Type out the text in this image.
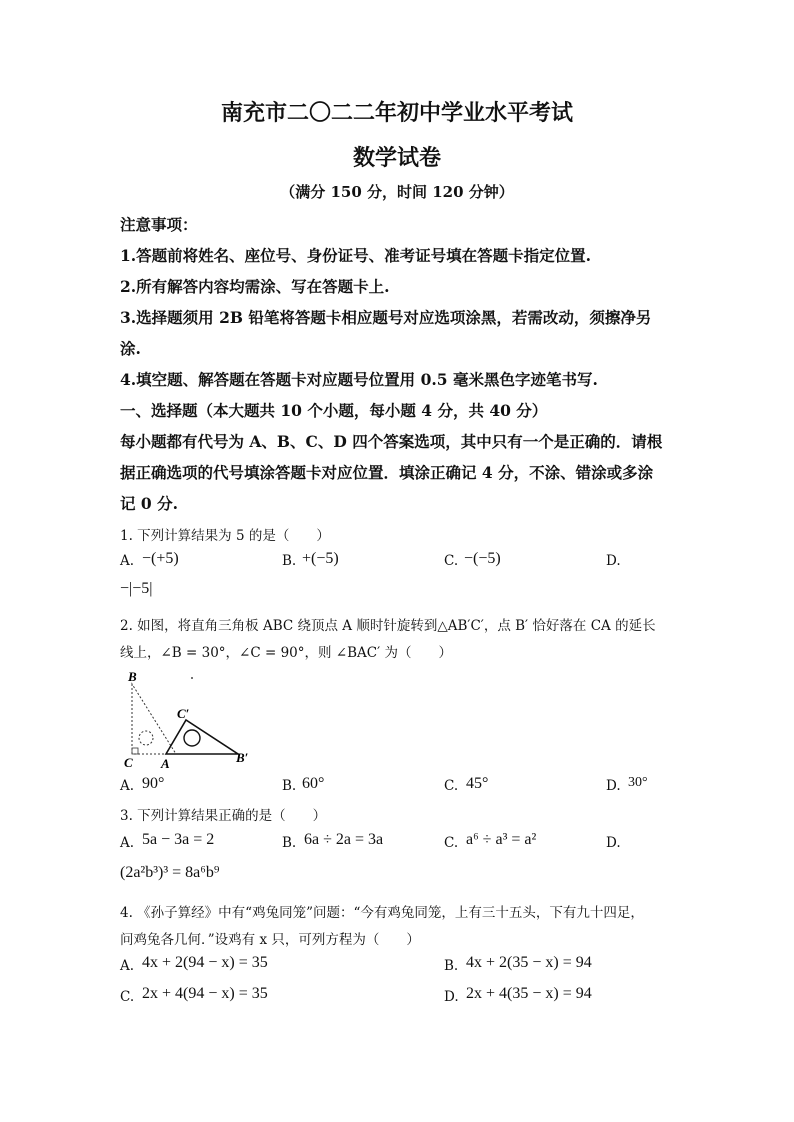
南充市二〇二二年初中学业水平考试
数学试卷
（满分 150 分，时间 120 分钟）
注意事项：
1.答题前将姓名、座位号、身份证号、准考证号填在答题卡指定位置.
2.所有解答内容均需涂、写在答题卡上.
3.选择题须用 2B 铅笔将答题卡相应题号对应选项涂黑，若需改动，须擦净另
涂.
4.填空题、解答题在答题卡对应题号位置用 0.5 毫米黑色字迹笔书写.
一、选择题（本大题共 10 个小题，每小题 4 分，共 40 分）
每小题都有代号为 A、B、C、D 四个答案选项，其中只有一个是正确的．请根
据正确选项的代号填涂答题卡对应位置．填涂正确记 4 分，不涂、错涂或多涂
记 0 分.
1. 下列计算结果为 5 的是（　　）
A. −(+5)	B. +(−5)	C. −(−5)	D.
−|−5|
2. 如图，将直角三角板 ABC 绕顶点 A 顺时针旋转到△AB′C′，点 B′ 恰好落在 CA 的延长
线上，∠B = 30°，∠C = 90°，则 ∠BAC′ 为（　　）
B
C A
C′
B′
A. 90°	B. 60°	C. 45°	D. 30°
3. 下列计算结果正确的是（　　）
A. 5a − 3a = 2	B. 6a ÷ 2a = 3a	C. a⁶ ÷ a³ = a²	D.
(2a²b³)³ = 8a⁶b⁹
4. 《孙子算经》中有“鸡兔同笼”问题：“今有鸡兔同笼，上有三十五头，下有九十四足，
问鸡兔各几何．”设鸡有 x 只，可列方程为（　　）
A. 4x + 2(94 − x) = 35	B. 4x + 2(35 − x) = 94
C. 2x + 4(94 − x) = 35	D. 2x + 4(35 − x) = 94
